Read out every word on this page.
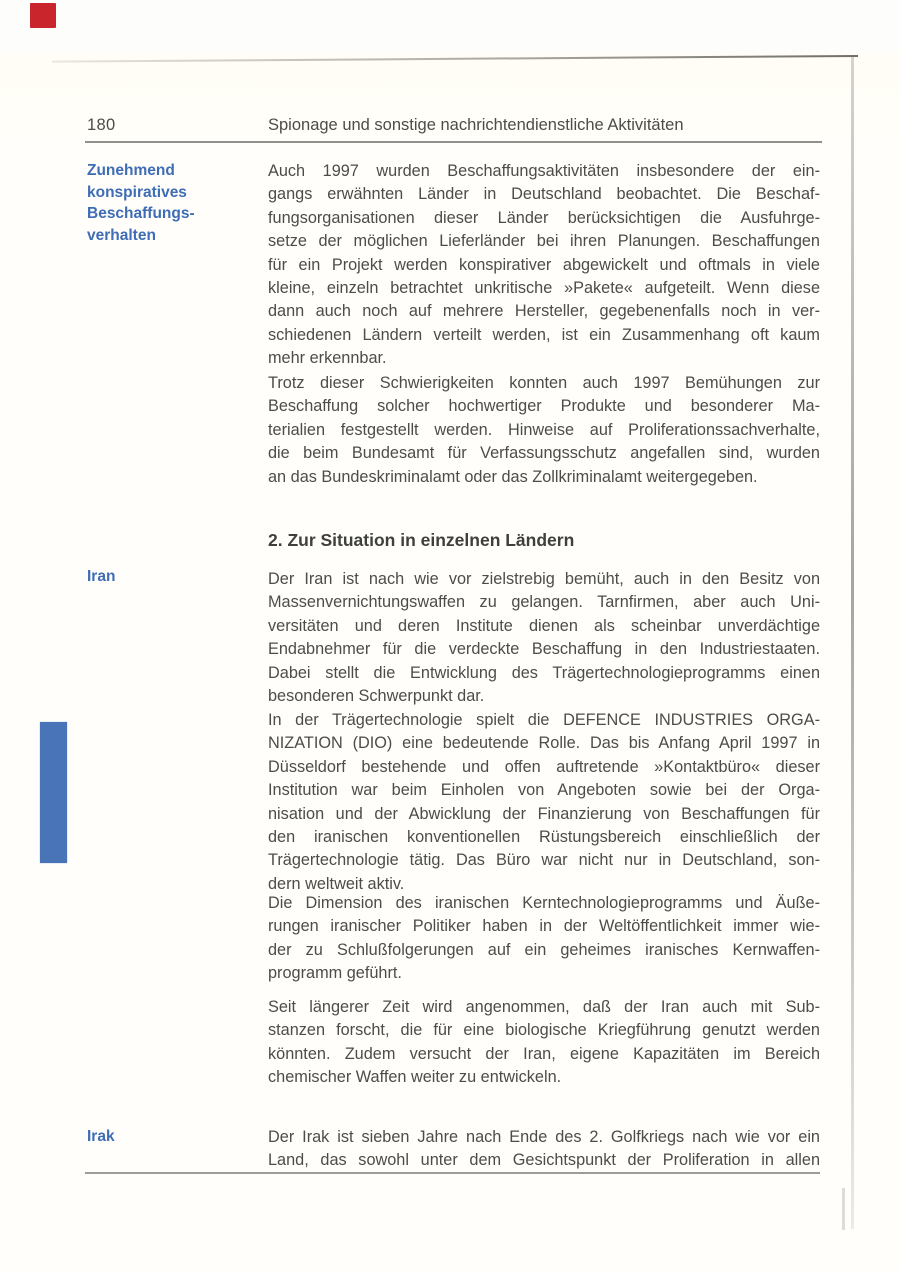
180	Spionage und sonstige nachrichtendienstliche Aktivitäten
Zunehmend
konspiratives
Beschaffungs-
verhalten
Auch 1997 wurden Beschaffungsaktivitäten insbesondere der ein-
gangs erwähnten Länder in Deutschland beobachtet. Die Beschaf-
fungsorganisationen dieser Länder berücksichtigen die Ausfuhrge-
setze der möglichen Lieferländer bei ihren Planungen. Beschaffungen
für ein Projekt werden konspirativer abgewickelt und oftmals in viele
kleine, einzeln betrachtet unkritische »Pakete« aufgeteilt. Wenn diese
dann auch noch auf mehrere Hersteller, gegebenenfalls noch in ver-
schiedenen Ländern verteilt werden, ist ein Zusammenhang oft kaum
mehr erkennbar.
Trotz dieser Schwierigkeiten konnten auch 1997 Bemühungen zur
Beschaffung solcher hochwertiger Produkte und besonderer Ma-
terialien festgestellt werden. Hinweise auf Proliferationssachverhalte,
die beim Bundesamt für Verfassungsschutz angefallen sind, wurden
an das Bundeskriminalamt oder das Zollkriminalamt weitergegeben.
2. Zur Situation in einzelnen Ländern
Iran	Der Iran ist nach wie vor zielstrebig bemüht, auch in den Besitz von
Massenvernichtungswaffen zu gelangen. Tarnfirmen, aber auch Uni-
versitäten und deren Institute dienen als scheinbar unverdächtige
Endabnehmer für die verdeckte Beschaffung in den Industriestaaten.
Dabei stellt die Entwicklung des Trägertechnologieprogramms einen
besonderen Schwerpunkt dar.
In der Trägertechnologie spielt die DEFENCE INDUSTRIES ORGA-
NIZATION (DIO) eine bedeutende Rolle. Das bis Anfang April 1997 in
Düsseldorf bestehende und offen auftretende »Kontaktbüro« dieser
Institution war beim Einholen von Angeboten sowie bei der Orga-
nisation und der Abwicklung der Finanzierung von Beschaffungen für
den iranischen konventionellen Rüstungsbereich einschließlich der
Trägertechnologie tätig. Das Büro war nicht nur in Deutschland, son-
dern weltweit aktiv.
Die Dimension des iranischen Kerntechnologieprogramms und Äuße-
rungen iranischer Politiker haben in der Weltöffentlichkeit immer wie-
der zu Schlußfolgerungen auf ein geheimes iranisches Kernwaffen-
programm geführt.
Seit längerer Zeit wird angenommen, daß der Iran auch mit Sub-
stanzen forscht, die für eine biologische Kriegführung genutzt werden
könnten. Zudem versucht der Iran, eigene Kapazitäten im Bereich
chemischer Waffen weiter zu entwickeln.
Irak	Der Irak ist sieben Jahre nach Ende des 2. Golfkriegs nach wie vor ein
Land, das sowohl unter dem Gesichtspunkt der Proliferation in allen
